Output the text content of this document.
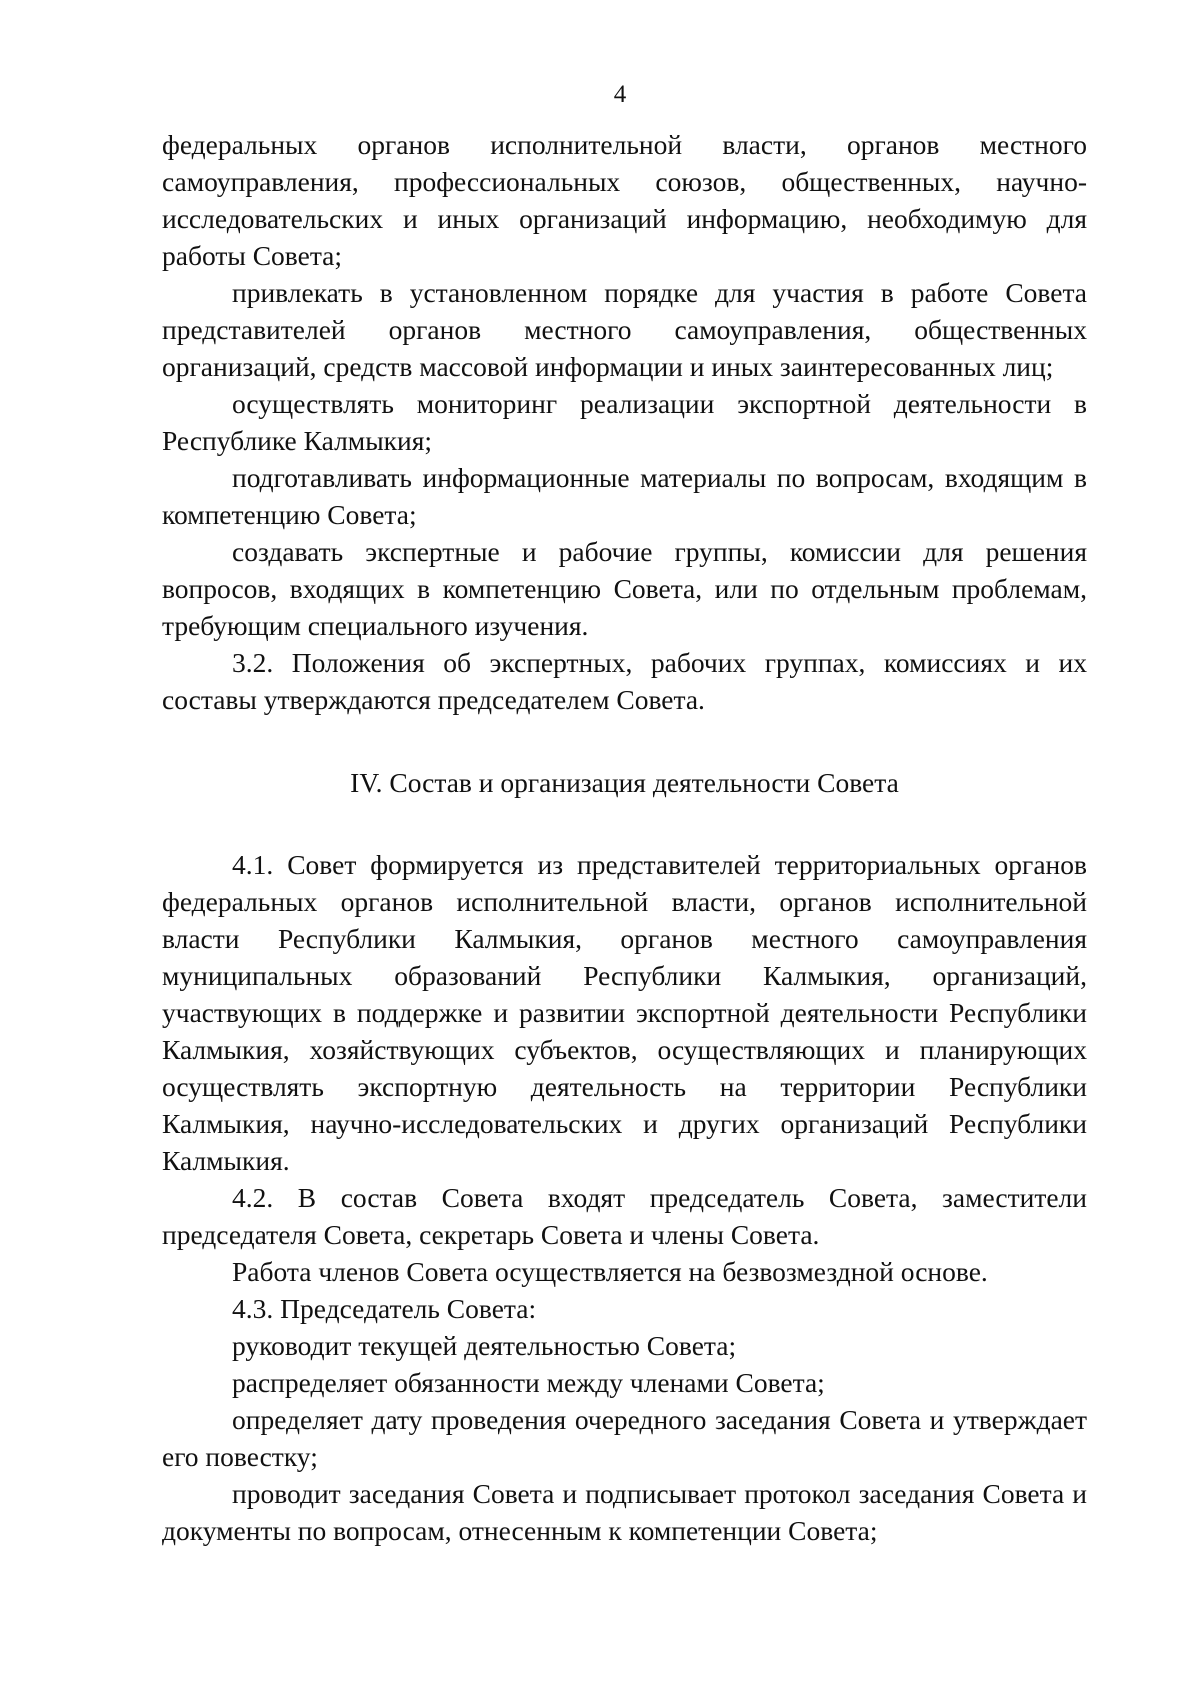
4

федеральных органов исполнительной власти, органов местного самоуправления, профессиональных союзов, общественных, научно-исследовательских и иных организаций информацию, необходимую для работы Совета;

привлекать в установленном порядке для участия в работе Совета представителей органов местного самоуправления, общественных организаций, средств массовой информации и иных заинтересованных лиц;

осуществлять мониторинг реализации экспортной деятельности в Республике Калмыкия;

подготавливать информационные материалы по вопросам, входящим в компетенцию Совета;

создавать экспертные и рабочие группы, комиссии для решения вопросов, входящих в компетенцию Совета, или по отдельным проблемам, требующим специального изучения.

3.2. Положения об экспертных, рабочих группах, комиссиях и их составы утверждаются председателем Совета.

IV. Состав и организация деятельности Совета

4.1. Совет формируется из представителей территориальных органов федеральных органов исполнительной власти, органов исполнительной власти Республики Калмыкия, органов местного самоуправления муниципальных образований Республики Калмыкия, организаций, участвующих в поддержке и развитии экспортной деятельности Республики Калмыкия, хозяйствующих субъектов, осуществляющих и планирующих осуществлять экспортную деятельность на территории Республики Калмыкия, научно-исследовательских и других организаций Республики Калмыкия.

4.2. В состав Совета входят председатель Совета, заместители председателя Совета, секретарь Совета и члены Совета.

Работа членов Совета осуществляется на безвозмездной основе.

4.3. Председатель Совета:

руководит текущей деятельностью Совета;

распределяет обязанности между членами Совета;

определяет дату проведения очередного заседания Совета и утверждает его повестку;

проводит заседания Совета и подписывает протокол заседания Совета и документы по вопросам, отнесенным к компетенции Совета;
